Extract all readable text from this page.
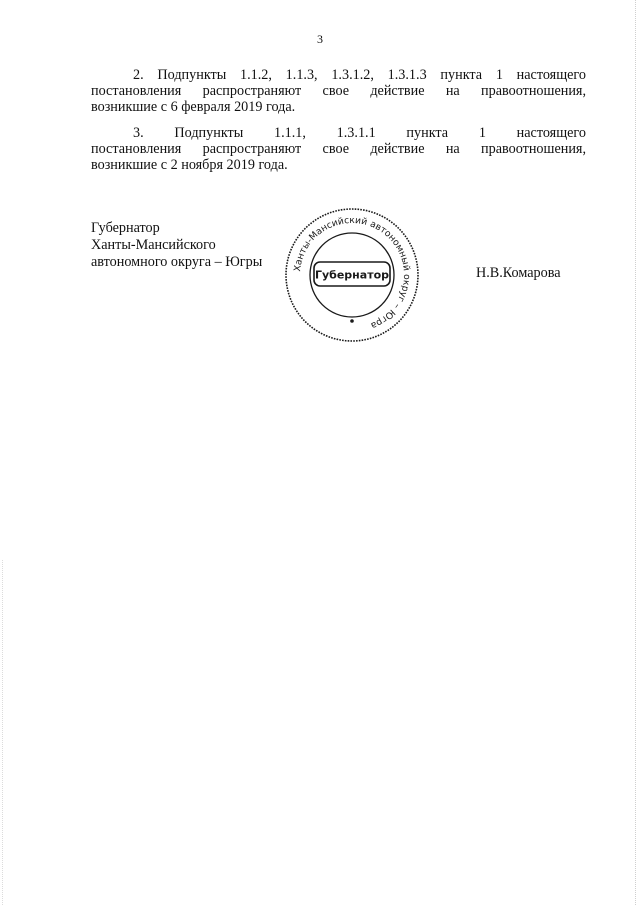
3
2. Подпункты 1.1.2, 1.1.3, 1.3.1.2, 1.3.1.3 пункта 1 настоящего
постановления распространяют свое действие на правоотношения,
возникшие с 6 февраля 2019 года.
3. Подпункты 1.1.1, 1.3.1.1 пункта 1 настоящего
постановления распространяют свое действие на правоотношения,
возникшие с 2 ноября 2019 года.
Губернатор
Ханты-Мансийского
автономного округа – Югры	Ханты-Мансийский автономный округ – Югра
Губернатор	Н.В.Комарова
